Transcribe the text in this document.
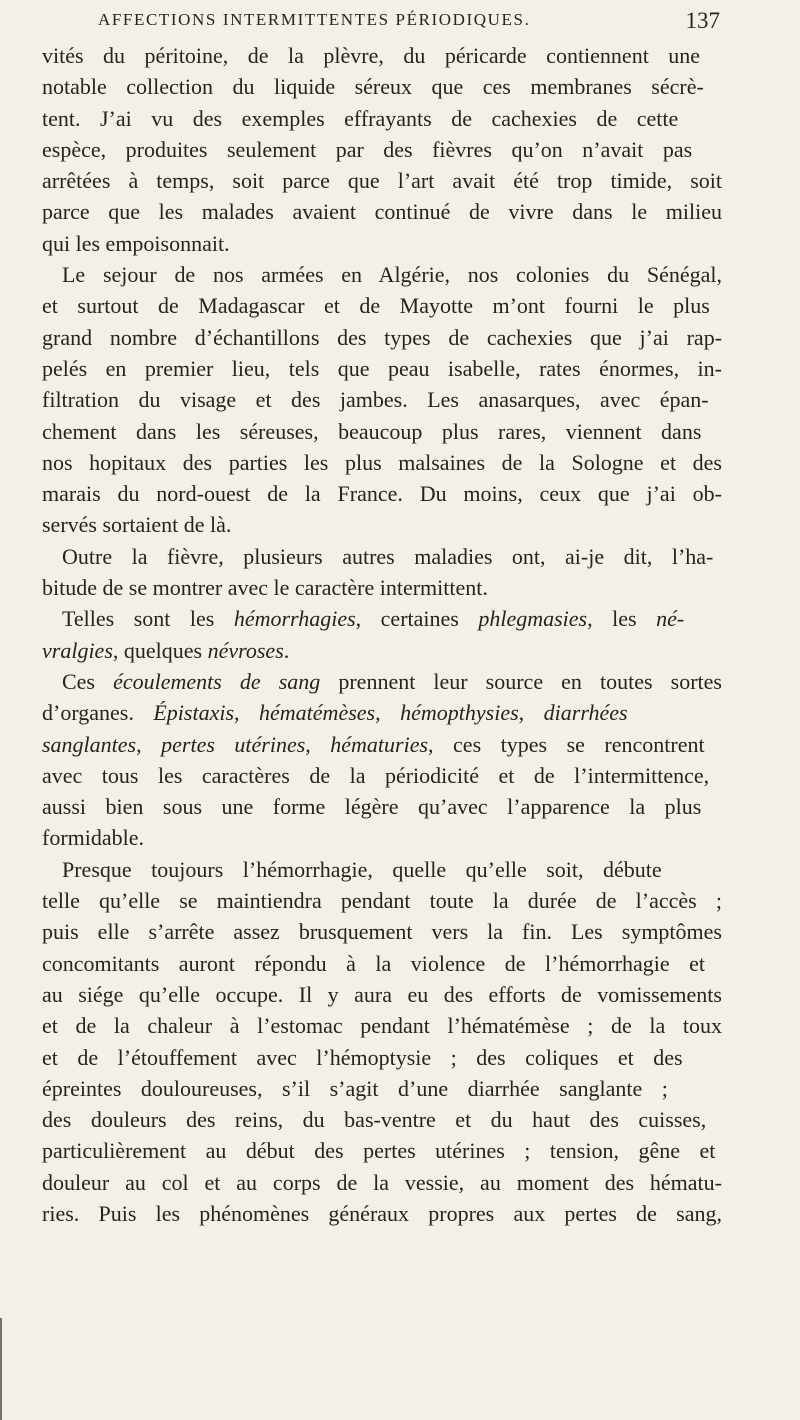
AFFECTIONS INTERMITTENTES PÉRIODIQUES.	137
vités du péritoine, de la plèvre, du péricarde contiennent une
notable collection du liquide séreux que ces membranes sécrè-
tent. J’ai vu des exemples effrayants de cachexies de cette
espèce, produites seulement par des fièvres qu’on n’avait pas
arrêtées à temps, soit parce que l’art avait été trop timide, soit
parce que les malades avaient continué de vivre dans le milieu
qui les empoisonnait.
Le sejour de nos armées en Algérie, nos colonies du Sénégal,
et surtout de Madagascar et de Mayotte m’ont fourni le plus
grand nombre d’échantillons des types de cachexies que j’ai rap-
pelés en premier lieu, tels que peau isabelle, rates énormes, in-
filtration du visage et des jambes. Les anasarques, avec épan-
chement dans les séreuses, beaucoup plus rares, viennent dans
nos hopitaux des parties les plus malsaines de la Sologne et des
marais du nord-ouest de la France. Du moins, ceux que j’ai ob-
servés sortaient de là.
Outre la fièvre, plusieurs autres maladies ont, ai-je dit, l’ha-
bitude de se montrer avec le caractère intermittent.
Telles sont les hémorrhagies, certaines phlegmasies, les né-
vralgies, quelques névroses.
Ces écoulements de sang prennent leur source en toutes sortes
d’organes. Épistaxis, hématémèses, hémopthysies, diarrhées
sanglantes, pertes utérines, hématuries, ces types se rencontrent
avec tous les caractères de la périodicité et de l’intermittence,
aussi bien sous une forme légère qu’avec l’apparence la plus
formidable.
Presque toujours l’hémorrhagie, quelle qu’elle soit, débute
telle qu’elle se maintiendra pendant toute la durée de l’accès ;
puis elle s’arrête assez brusquement vers la fin. Les symptômes
concomitants auront répondu à la violence de l’hémorrhagie et
au siége qu’elle occupe. Il y aura eu des efforts de vomissements
et de la chaleur à l’estomac pendant l’hématémèse ; de la toux
et de l’étouffement avec l’hémoptysie ; des coliques et des
épreintes douloureuses, s’il s’agit d’une diarrhée sanglante ;
des douleurs des reins, du bas-ventre et du haut des cuisses,
particulièrement au début des pertes utérines ; tension, gêne et
douleur au col et au corps de la vessie, au moment des hématu-
ries. Puis les phénomènes généraux propres aux pertes de sang,
